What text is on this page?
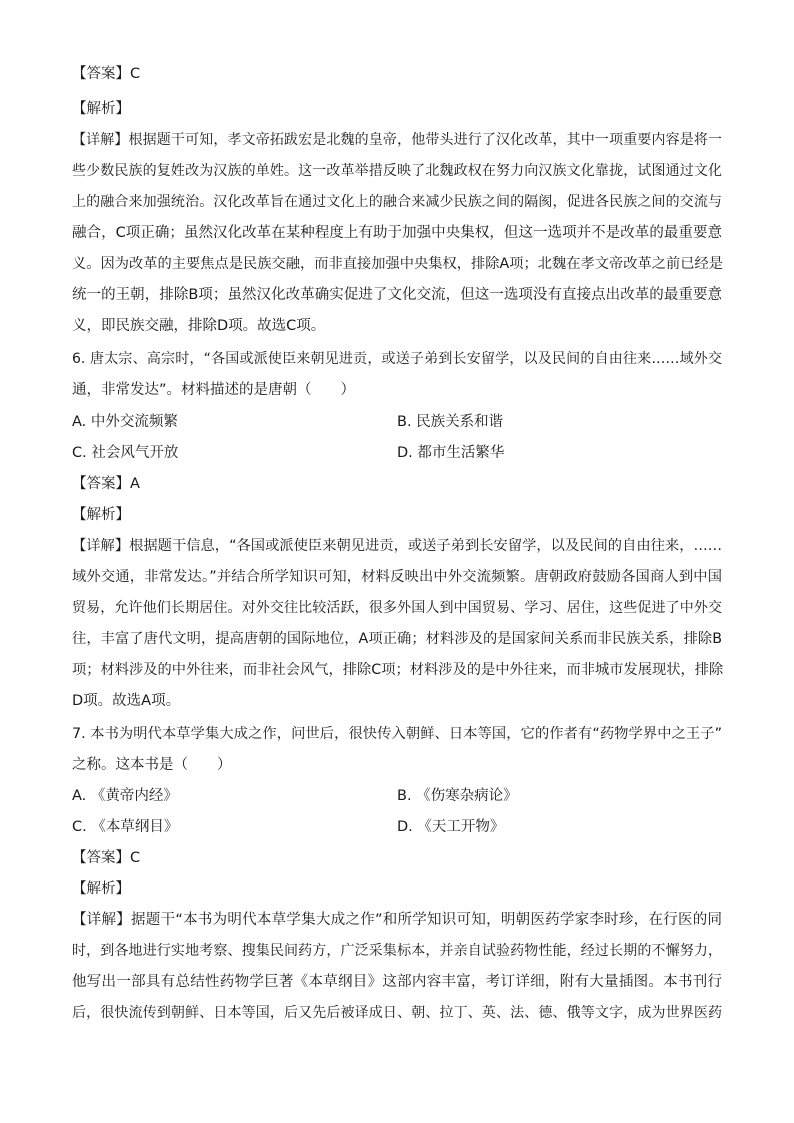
【答案】C
【解析】
【详解】根据题干可知，孝文帝拓跋宏是北魏的皇帝，他带头进行了汉化改革，其中一项重要内容是将一
些少数民族的复姓改为汉族的单姓。这一改革举措反映了北魏政权在努力向汉族文化靠拢，试图通过文化
上的融合来加强统治。汉化改革旨在通过文化上的融合来减少民族之间的隔阂，促进各民族之间的交流与
融合，C项正确；虽然汉化改革在某种程度上有助于加强中央集权，但这一选项并不是改革的最重要意
义。因为改革的主要焦点是民族交融，而非直接加强中央集权，排除A项；北魏在孝文帝改革之前已经是
统一的王朝，排除B项；虽然汉化改革确实促进了文化交流，但这一选项没有直接点出改革的最重要意
义，即民族交融，排除D项。故选C项。
6. 唐太宗、高宗时，“各国或派使臣来朝见进贡，或送子弟到长安留学，以及民间的自由往来……域外交
通，非常发达”。材料描述的是唐朝（　　）
A. 中外交流频繁	B. 民族关系和谐
C. 社会风气开放	D. 都市生活繁华
【答案】A
【解析】
【详解】根据题干信息，“各国或派使臣来朝见进贡，或送子弟到长安留学，以及民间的自由往来，……
域外交通，非常发达。”并结合所学知识可知，材料反映出中外交流频繁。唐朝政府鼓励各国商人到中国
贸易，允许他们长期居住。对外交往比较活跃，很多外国人到中国贸易、学习、居住，这些促进了中外交
往，丰富了唐代文明，提高唐朝的国际地位，A项正确；材料涉及的是国家间关系而非民族关系，排除B
项；材料涉及的中外往来，而非社会风气，排除C项；材料涉及的是中外往来，而非城市发展现状，排除
D项。故选A项。
7. 本书为明代本草学集大成之作，问世后，很快传入朝鲜、日本等国，它的作者有“药物学界中之王子”
之称。这本书是（　　）
A. 《黄帝内经》	B. 《伤寒杂病论》
C. 《本草纲目》	D. 《天工开物》
【答案】C
【解析】
【详解】据题干“本书为明代本草学集大成之作”和所学知识可知，明朝医药学家李时珍，在行医的同
时，到各地进行实地考察、搜集民间药方，广泛采集标本，并亲自试验药物性能，经过长期的不懈努力，
他写出一部具有总结性药物学巨著《本草纲目》这部内容丰富，考订详细，附有大量插图。本书刊行
后，很快流传到朝鲜、日本等国，后又先后被译成日、朝、拉丁、英、法、德、俄等文字，成为世界医药
